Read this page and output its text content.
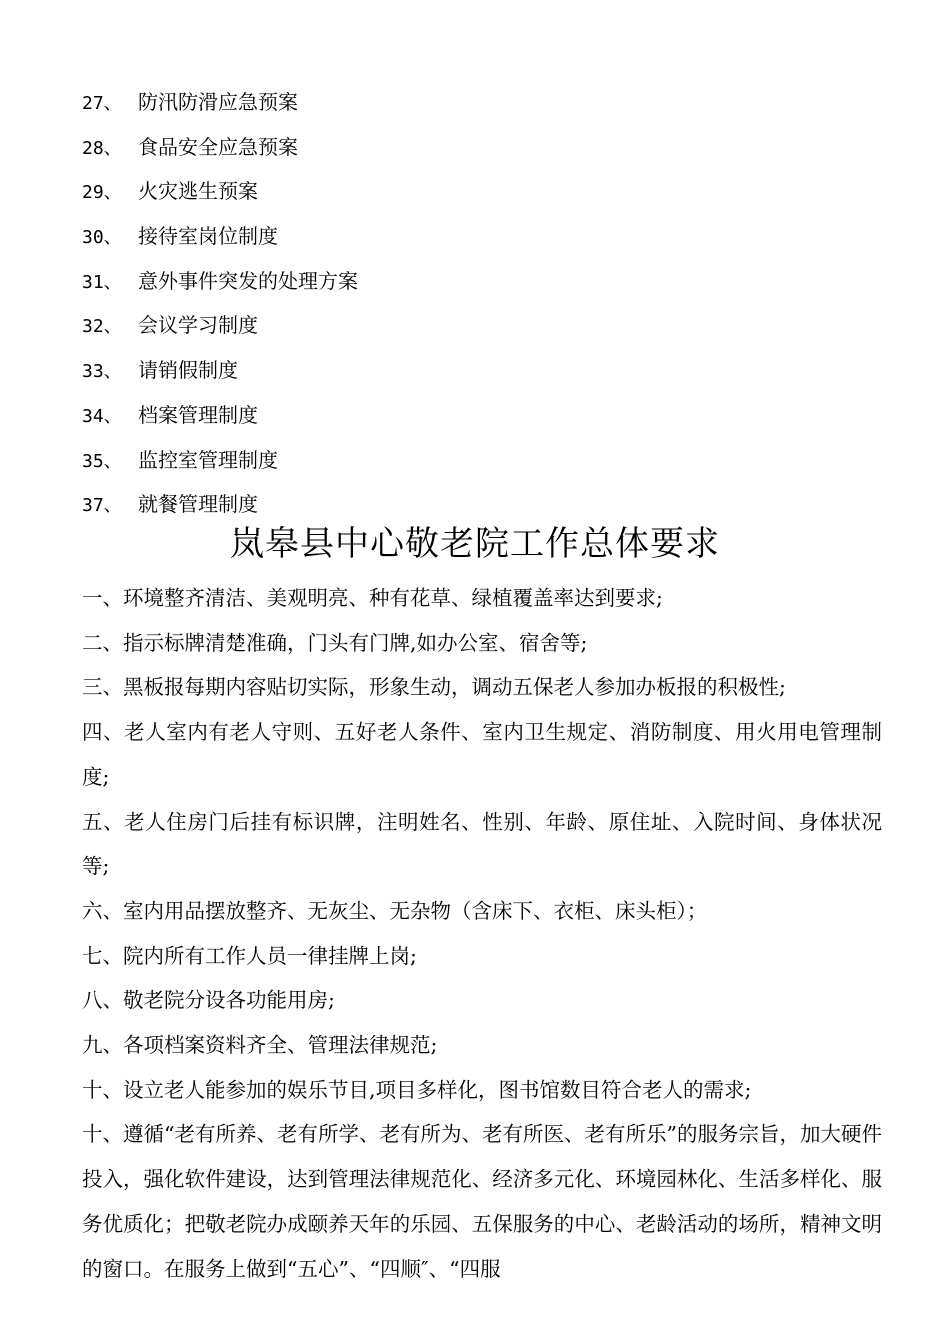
27、 防汛防滑应急预案
28、 食品安全应急预案
29、 火灾逃生预案
30、 接待室岗位制度
31、 意外事件突发的处理方案
32、 会议学习制度
33、 请销假制度
34、 档案管理制度
35、 监控室管理制度
37、 就餐管理制度
岚皋县中心敬老院工作总体要求

一、环境整齐清洁、美观明亮、种有花草、绿植覆盖率达到要求;

二、指示标牌清楚准确，门头有门牌,如办公室、宿舍等;

三、黑板报每期内容贴切实际，形象生动，调动五保老人参加办板报的积极性;

四、老人室内有老人守则、五好老人条件、室内卫生规定、消防制度、用火用电管理制度;

五、老人住房门后挂有标识牌，注明姓名、性别、年龄、原住址、入院时间、身体状况等;

六、室内用品摆放整齐、无灰尘、无杂物（含床下、衣柜、床头柜）；

七、院内所有工作人员一律挂牌上岗;

八、敬老院分设各功能用房;

九、各项档案资料齐全、管理法律规范;

十、设立老人能参加的娱乐节目,项目多样化，图书馆数目符合老人的需求;

十、遵循“老有所养、老有所学、老有所为、老有所医、老有所乐”的服务宗旨，加大硬件投入，强化软件建设，达到管理法律规范化、经济多元化、环境园林化、生活多样化、服务优质化；把敬老院办成颐养天年的乐园、五保服务的中心、老龄活动的场所，精神文明的窗口。在服务上做到“五心”、“四顺″、“四服
